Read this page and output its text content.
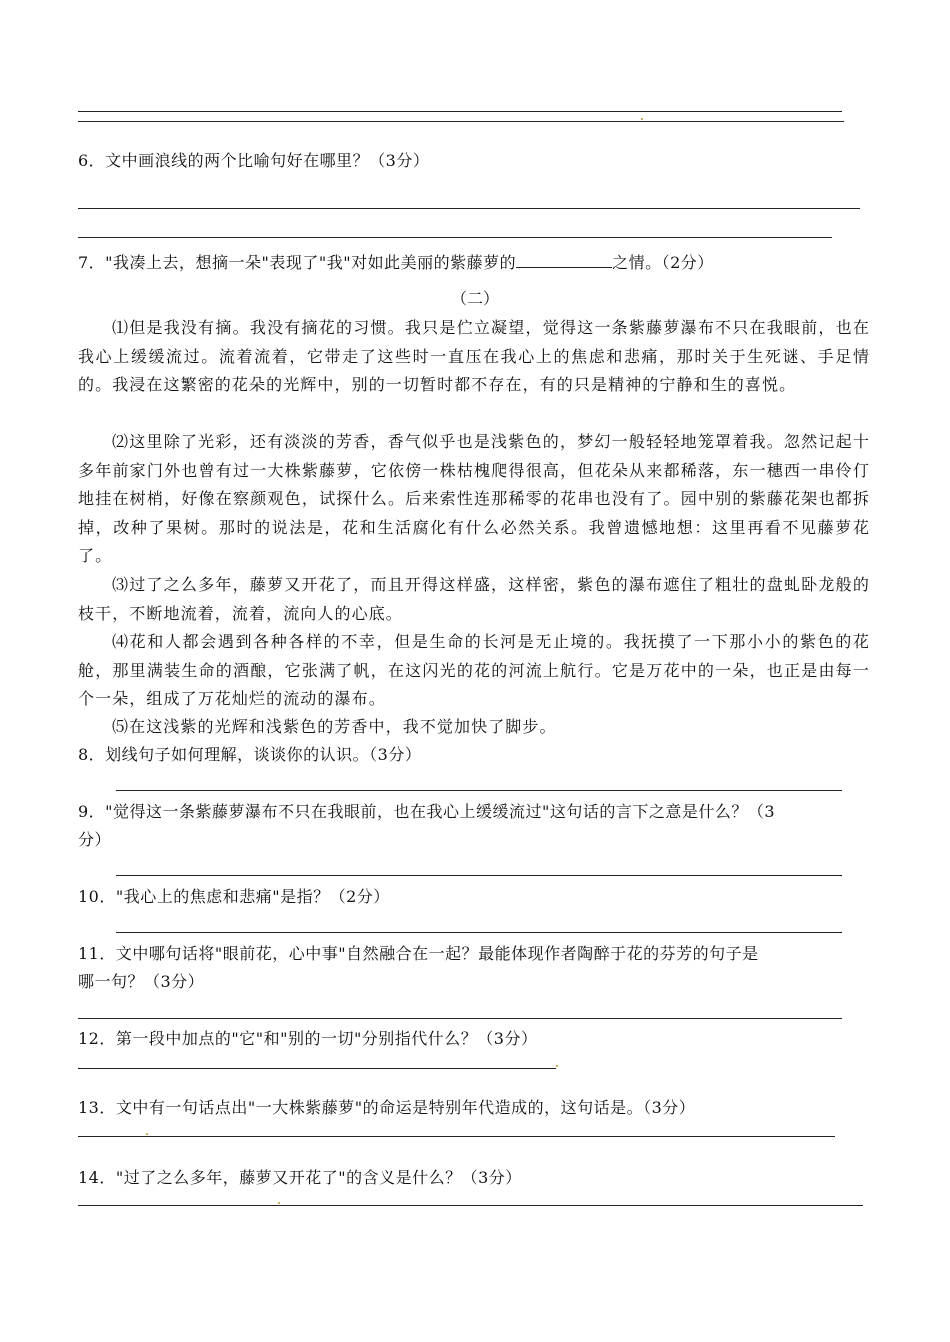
6．文中画浪线的两个比喻句好在哪里？（3分）
7．"我凑上去，想摘一朵"表现了"我"对如此美丽的紫藤萝的	之情。（2分）
（二）
⑴但是我没有摘。我没有摘花的习惯。我只是伫立凝望，觉得这一条紫藤萝瀑布不只在我眼前，也在我心上缓缓流过。流着流着，它带走了这些时一直压在我心上的焦虑和悲痛，那时关于生死谜、手足情的。我浸在这繁密的花朵的光辉中，别的一切暂时都不存在，有的只是精神的宁静和生的喜悦。
⑵这里除了光彩，还有淡淡的芳香，香气似乎也是浅紫色的，梦幻一般轻轻地笼罩着我。忽然记起十多年前家门外也曾有过一大株紫藤萝，它依傍一株枯槐爬得很高，但花朵从来都稀落，东一穗西一串伶仃地挂在树梢，好像在察颜观色，试探什么。后来索性连那稀零的花串也没有了。园中别的紫藤花架也都拆掉，改种了果树。那时的说法是，花和生活腐化有什么必然关系。我曾遗憾地想：这里再看不见藤萝花了。
⑶过了之么多年，藤萝又开花了，而且开得这样盛，这样密，紫色的瀑布遮住了粗壮的盘虬卧龙般的枝干，不断地流着，流着，流向人的心底。
⑷花和人都会遇到各种各样的不幸，但是生命的长河是无止境的。我抚摸了一下那小小的紫色的花舱，那里满装生命的酒酿，它张满了帆，在这闪光的花的河流上航行。它是万花中的一朵，也正是由每一个一朵，组成了万花灿烂的流动的瀑布。
⑸在这浅紫的光辉和浅紫色的芳香中，我不觉加快了脚步。
8．划线句子如何理解，谈谈你的认识。（3分）
9．"觉得这一条紫藤萝瀑布不只在我眼前，也在我心上缓缓流过"这句话的言下之意是什么？（3
分）
10．"我心上的焦虑和悲痛"是指？（2分）
11．文中哪句话将"眼前花，心中事"自然融合在一起？最能体现作者陶醉于花的芬芳的句子是
哪一句？（3分）
12．第一段中加点的"它"和"别的一切"分别指代什么？（3分）
13．文中有一句话点出"一大株紫藤萝"的命运是特别年代造成的，这句话是。（3分）
14．"过了之么多年，藤萝又开花了"的含义是什么？（3分）
